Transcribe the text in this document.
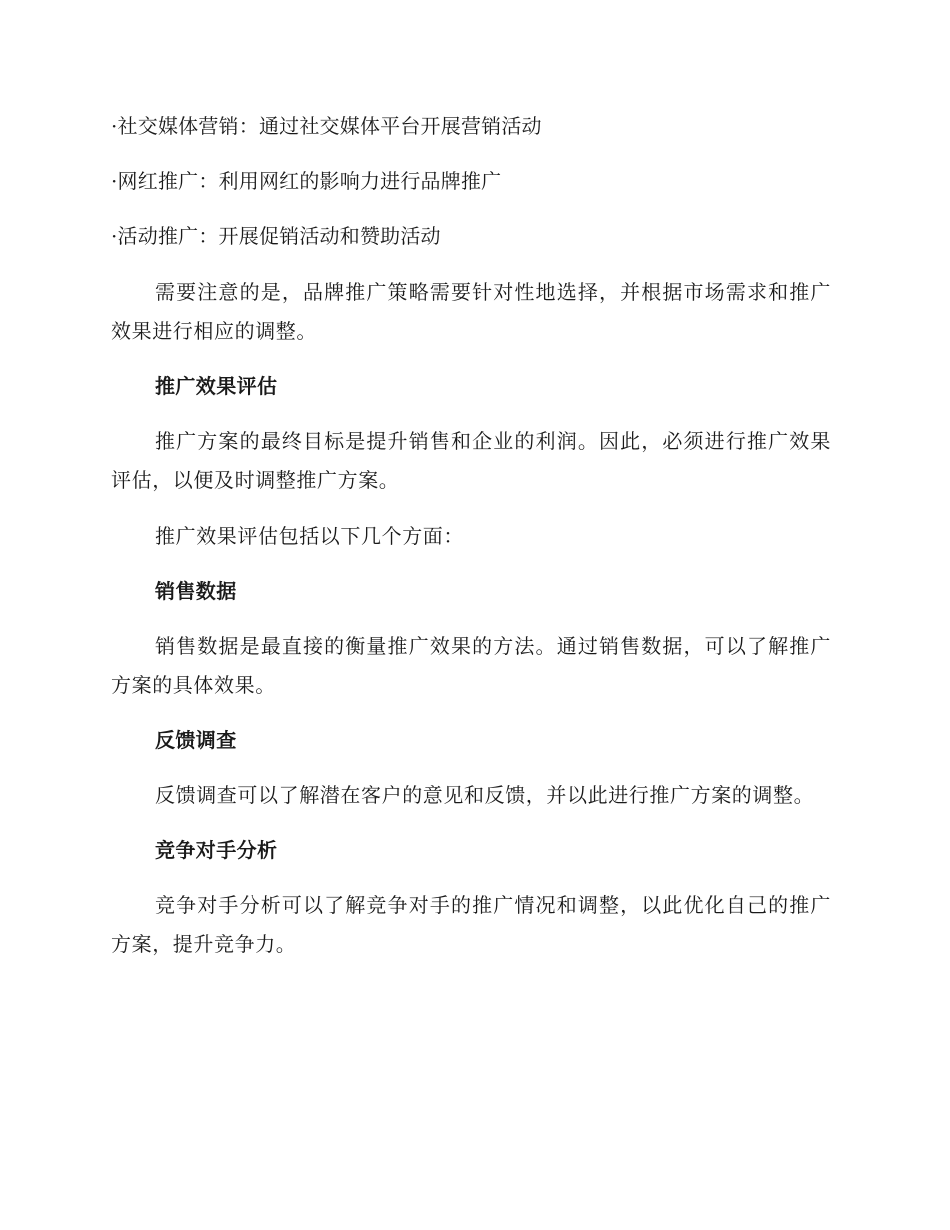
·社交媒体营销：通过社交媒体平台开展营销活动
·网红推广：利用网红的影响力进行品牌推广
·活动推广：开展促销活动和赞助活动

需要注意的是，品牌推广策略需要针对性地选择，并根据市场需求和推广效果进行相应的调整。

推广效果评估

推广方案的最终目标是提升销售和企业的利润。因此，必须进行推广效果评估，以便及时调整推广方案。

推广效果评估包括以下几个方面：

销售数据

销售数据是最直接的衡量推广效果的方法。通过销售数据，可以了解推广方案的具体效果。

反馈调查

反馈调查可以了解潜在客户的意见和反馈，并以此进行推广方案的调整。

竞争对手分析

竞争对手分析可以了解竞争对手的推广情况和调整，以此优化自己的推广方案，提升竞争力。
